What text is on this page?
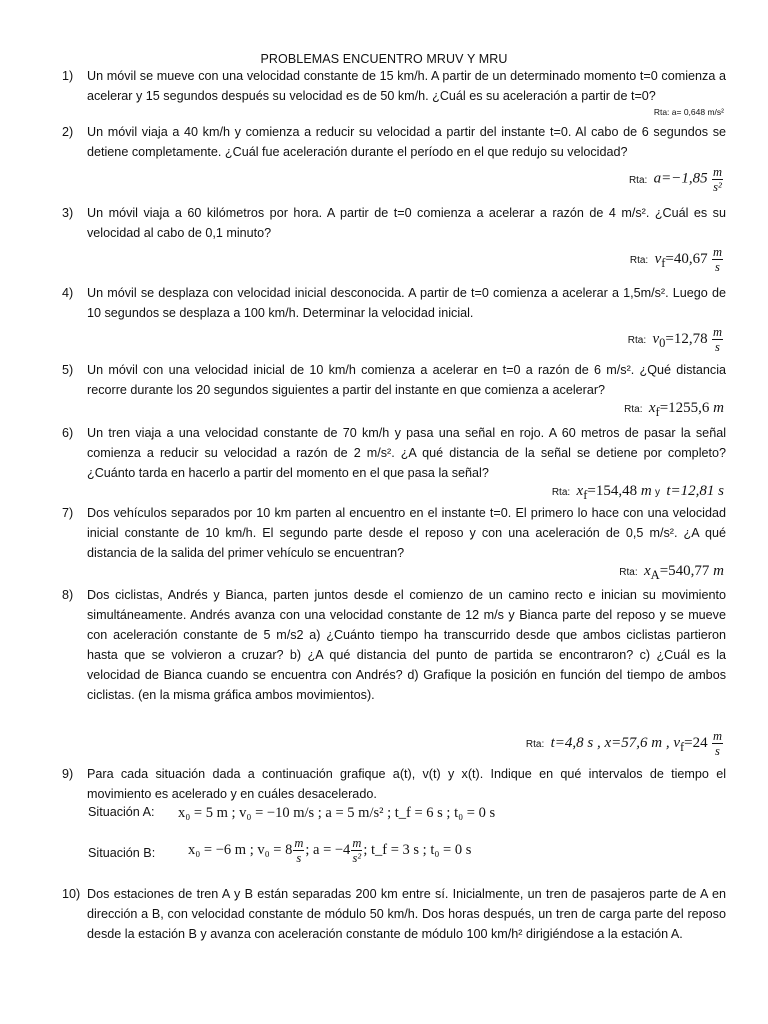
PROBLEMAS ENCUENTRO MRUV Y MRU
1)	Un móvil se mueve con una velocidad constante de 15 km/h. A partir de un determinado momento t=0 comienza a acelerar y 15 segundos después su velocidad es de 50 km/h. ¿Cuál es su aceleración a partir de t=0?
Rta: a= 0,648 m/s²
2)	Un móvil viaja a 40 km/h y comienza a reducir su velocidad a partir del instante t=0. Al cabo de 6 segundos se detiene completamente. ¿Cuál fue aceleración durante el período en el que redujo su velocidad?
Rta: $a=-1,85 \frac{m}{\text{s²}}$
3)	Un móvil viaja a 60 kilómetros por hora. A partir de t=0 comienza a acelerar a razón de 4 m/s². ¿Cuál es su velocidad al cabo de 0,1 minuto?
Rta: $v_f=40,67 \frac{m}{s}$
4)	Un móvil se desplaza con velocidad inicial desconocida. A partir de t=0 comienza a acelerar a 1,5m/s². Luego de 10 segundos se desplaza a 100 km/h. Determinar la velocidad inicial.
Rta: $v_0=12,78 \frac{m}{s}$
5)	Un móvil con una velocidad inicial de 10 km/h comienza a acelerar en t=0 a razón de 6 m/s². ¿Qué distancia recorre durante los 20 segundos siguientes a partir del instante en que comienza a acelerar?
Rta: $x_f=1255,6$ m
6)	Un tren viaja a una velocidad constante de 70 km/h y pasa una señal en rojo. A 60 metros de pasar la señal comienza a reducir su velocidad a razón de 2 m/s². ¿A qué distancia de la señal se detiene por completo? ¿Cuánto tarda en hacerlo a partir del momento en el que pasa la señal?
Rta: $x_f=154,48$ m y t=12,81 s
7)	Dos vehículos separados por 10 km parten al encuentro en el instante t=0. El primero lo hace con una velocidad inicial constante de 10 km/h. El segundo parte desde el reposo y con una aceleración de 0,5 m/s². ¿A qué distancia de la salida del primer vehículo se encuentran?
Rta: $x_A=540,77$ m
8)	Dos ciclistas, Andrés y Bianca, parten juntos desde el comienzo de un camino recto e inician su movimiento simultáneamente. Andrés avanza con una velocidad constante de 12 m/s y Bianca parte del reposo y se mueve con aceleración constante de 5 m/s2 a) ¿Cuánto tiempo ha transcurrido desde que ambos ciclistas partieron hasta que se volvieron a cruzar? b) ¿A qué distancia del punto de partida se encontraron? c) ¿Cuál es la velocidad de Bianca cuando se encuentra con Andrés? d) Grafique la posición en función del tiempo de ambos ciclistas. (en la misma gráfica ambos movimientos).
Rta: t=4,8 s , x=57,6 m , $v_f=24 \frac{m}{s}$
9)	Para cada situación dada a continuación grafique a(t), v(t) y x(t). Indique en qué intervalos de tiempo el movimiento es acelerado y en cuáles desacelerado.
Situación A: x₀ = 5 m ; v₀ = −10 m/s ; a = 5 m/s² ; t_f = 6 s ; t₀ = 0 s
Situación B: x₀ = −6 m ; $v_0 = 8 \frac{m}{s}$ ; $a = -4 \frac{m}{\text{s²}}$ ; t_f = 3 s ; t₀ = 0 s
10) Dos estaciones de tren A y B están separadas 200 km entre sí. Inicialmente, un tren de pasajeros parte de A en dirección a B, con velocidad constante de módulo 50 km/h. Dos horas después, un tren de carga parte del reposo desde la estación B y avanza con aceleración constante de módulo 100 km/h² dirigiéndose a la estación A.
